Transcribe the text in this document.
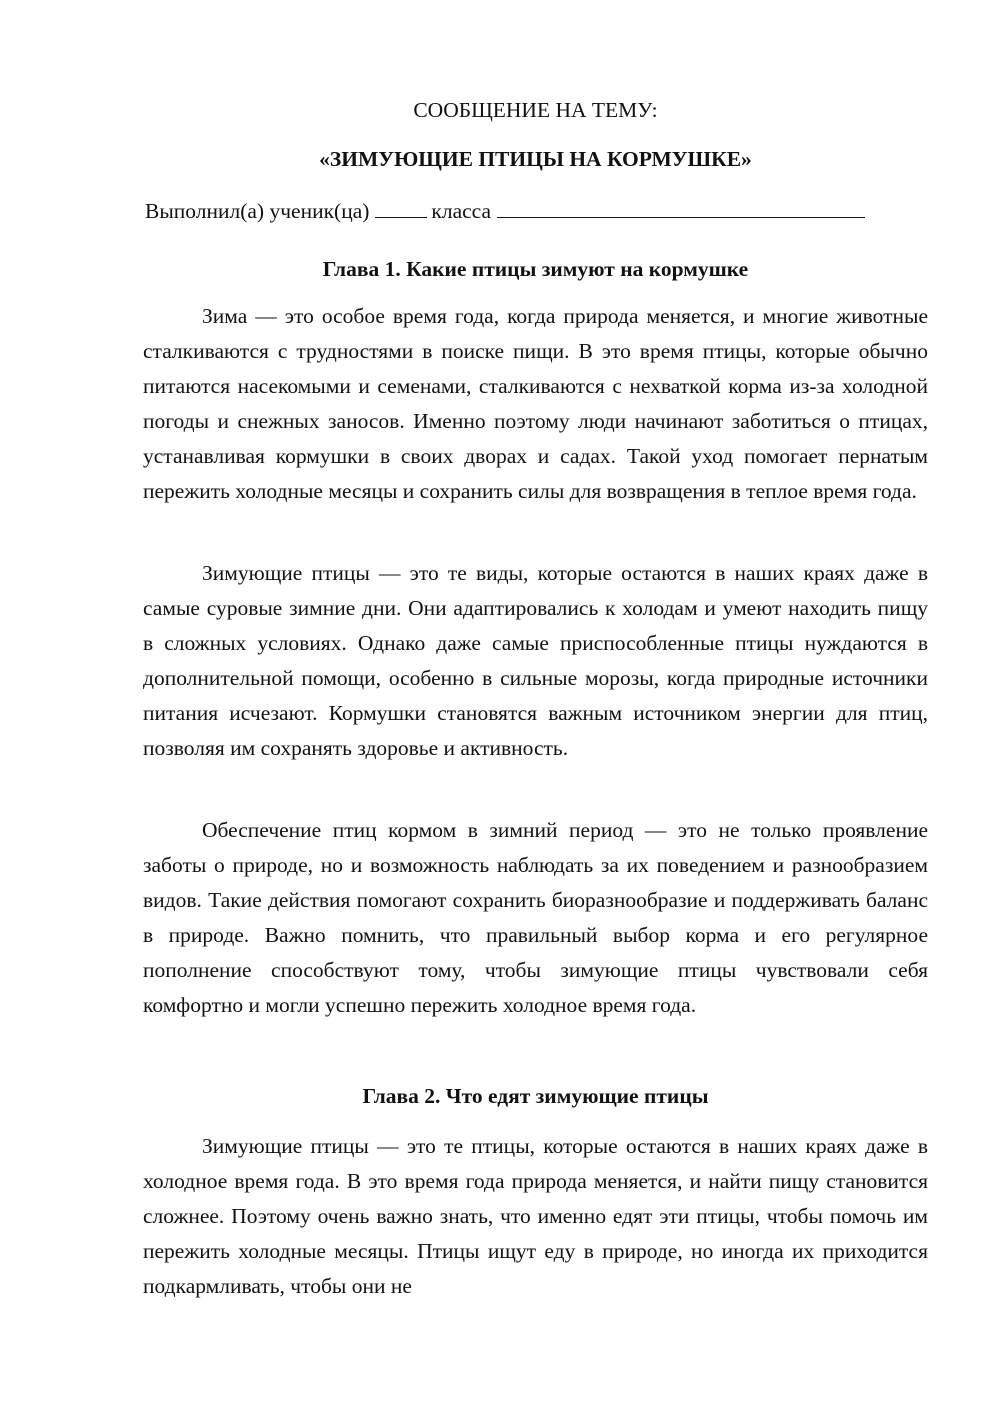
СООБЩЕНИЕ НА ТЕМУ:
«ЗИМУЮЩИЕ ПТИЦЫ НА КОРМУШКЕ»
Выполнил(а) ученик(ца)	класса
Глава 1. Какие птицы зимуют на кормушке

Зима — это особое время года, когда природа меняется, и многие животные сталкиваются с трудностями в поиске пищи. В это время птицы, которые обычно питаются насекомыми и семенами, сталкиваются с нехваткой корма из-за холодной погоды и снежных заносов. Именно поэтому люди начинают заботиться о птицах, устанавливая кормушки в своих дворах и садах. Такой уход помогает пернатым пережить холодные месяцы и сохранить силы для возвращения в теплое время года.

Зимующие птицы — это те виды, которые остаются в наших краях даже в самые суровые зимние дни. Они адаптировались к холодам и умеют находить пищу в сложных условиях. Однако даже самые приспособленные птицы нуждаются в дополнительной помощи, особенно в сильные морозы, когда природные источники питания исчезают. Кормушки становятся важным источником энергии для птиц, позволяя им сохранять здоровье и активность.

Обеспечение птиц кормом в зимний период — это не только проявление заботы о природе, но и возможность наблюдать за их поведением и разнообразием видов. Такие действия помогают сохранить биоразнообразие и поддерживать баланс в природе. Важно помнить, что правильный выбор корма и его регулярное пополнение способствуют тому, чтобы зимующие птицы чувствовали себя комфортно и могли успешно пережить холодное время года.

Глава 2. Что едят зимующие птицы

Зимующие птицы — это те птицы, которые остаются в наших краях даже в холодное время года. В это время года природа меняется, и найти пищу становится сложнее. Поэтому очень важно знать, что именно едят эти птицы, чтобы помочь им пережить холодные месяцы. Птицы ищут еду в природе, но иногда их приходится подкармливать, чтобы они не
